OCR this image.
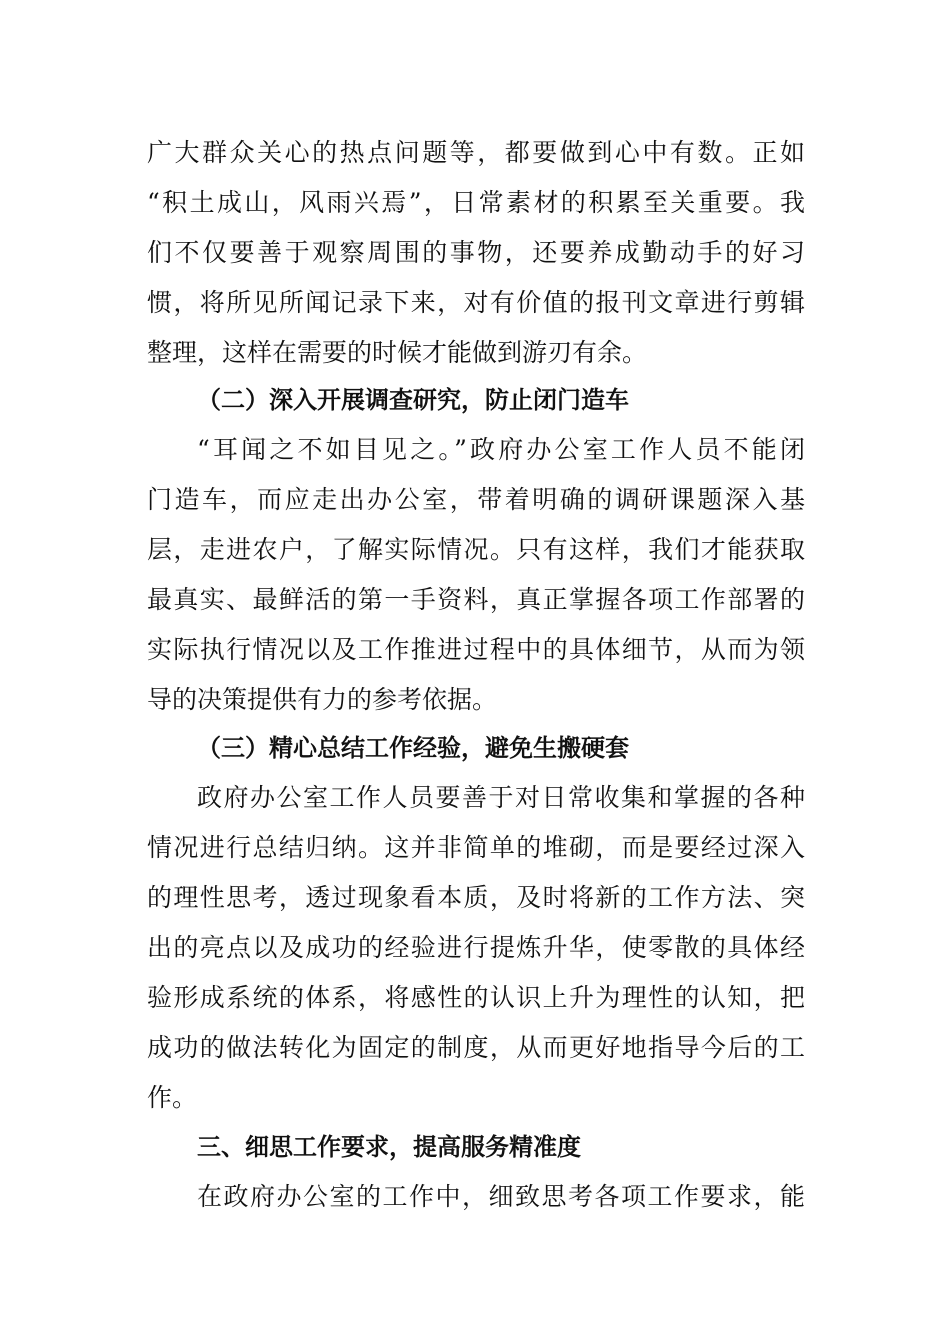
广大群众关心的热点问题等，都要做到心中有数。正如
“积土成山，风雨兴焉”，日常素材的积累至关重要。我
们不仅要善于观察周围的事物，还要养成勤动手的好习
惯，将所见所闻记录下来，对有价值的报刊文章进行剪辑
整理，这样在需要的时候才能做到游刃有余。
（二）深入开展调查研究，防止闭门造车
“耳闻之不如目见之。”政府办公室工作人员不能闭
门造车，而应走出办公室，带着明确的调研课题深入基
层，走进农户，了解实际情况。只有这样，我们才能获取
最真实、最鲜活的第一手资料，真正掌握各项工作部署的
实际执行情况以及工作推进过程中的具体细节，从而为领
导的决策提供有力的参考依据。
（三）精心总结工作经验，避免生搬硬套
政府办公室工作人员要善于对日常收集和掌握的各种
情况进行总结归纳。这并非简单的堆砌，而是要经过深入
的理性思考，透过现象看本质，及时将新的工作方法、突
出的亮点以及成功的经验进行提炼升华，使零散的具体经
验形成系统的体系，将感性的认识上升为理性的认知，把
成功的做法转化为固定的制度，从而更好地指导今后的工
作。
三、细思工作要求，提高服务精准度
在政府办公室的工作中，细致思考各项工作要求，能
